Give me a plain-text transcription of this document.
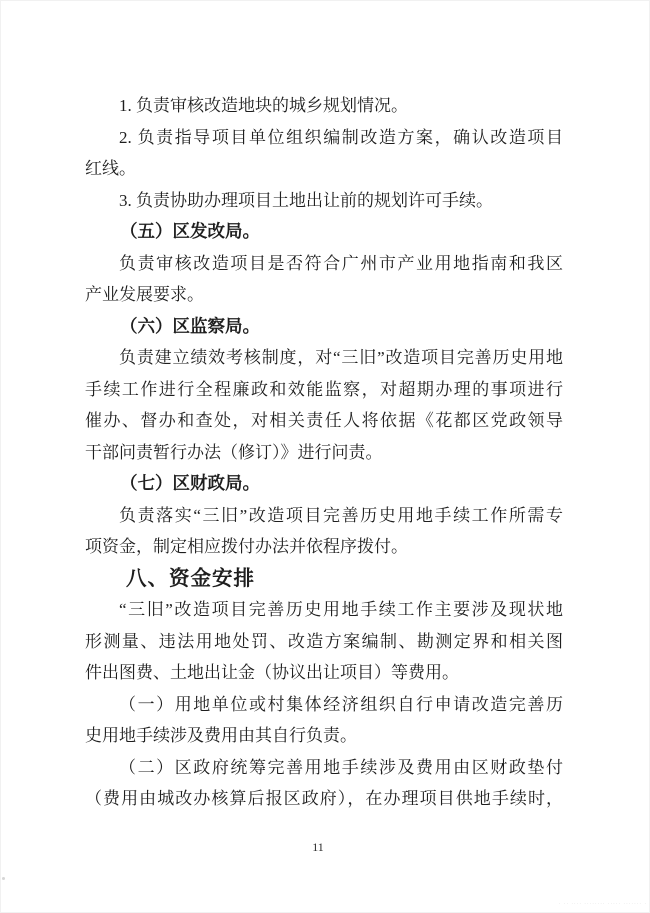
1. 负责审核改造地块的城乡规划情况。
2. 负责指导项目单位组织编制改造方案，确认改造项目
红线。
3. 负责协助办理项目土地出让前的规划许可手续。
（五）区发改局。
负责审核改造项目是否符合广州市产业用地指南和我区
产业发展要求。
（六）区监察局。
负责建立绩效考核制度，对“三旧”改造项目完善历史用地
手续工作进行全程廉政和效能监察，对超期办理的事项进行
催办、督办和查处，对相关责任人将依据《花都区党政领导
干部问责暂行办法（修订）》进行问责。
（七）区财政局。
负责落实“三旧”改造项目完善历史用地手续工作所需专
项资金，制定相应拨付办法并依程序拨付。
八、资金安排
“三旧”改造项目完善历史用地手续工作主要涉及现状地
形测量、违法用地处罚、改造方案编制、勘测定界和相关图
件出图费、土地出让金（协议出让项目）等费用。
（一）用地单位或村集体经济组织自行申请改造完善历
史用地手续涉及费用由其自行负责。
（二）区政府统筹完善用地手续涉及费用由区财政垫付
（费用由城改办核算后报区政府），在办理项目供地手续时，
11
· ·· ···· ········ ····· ······· ·
